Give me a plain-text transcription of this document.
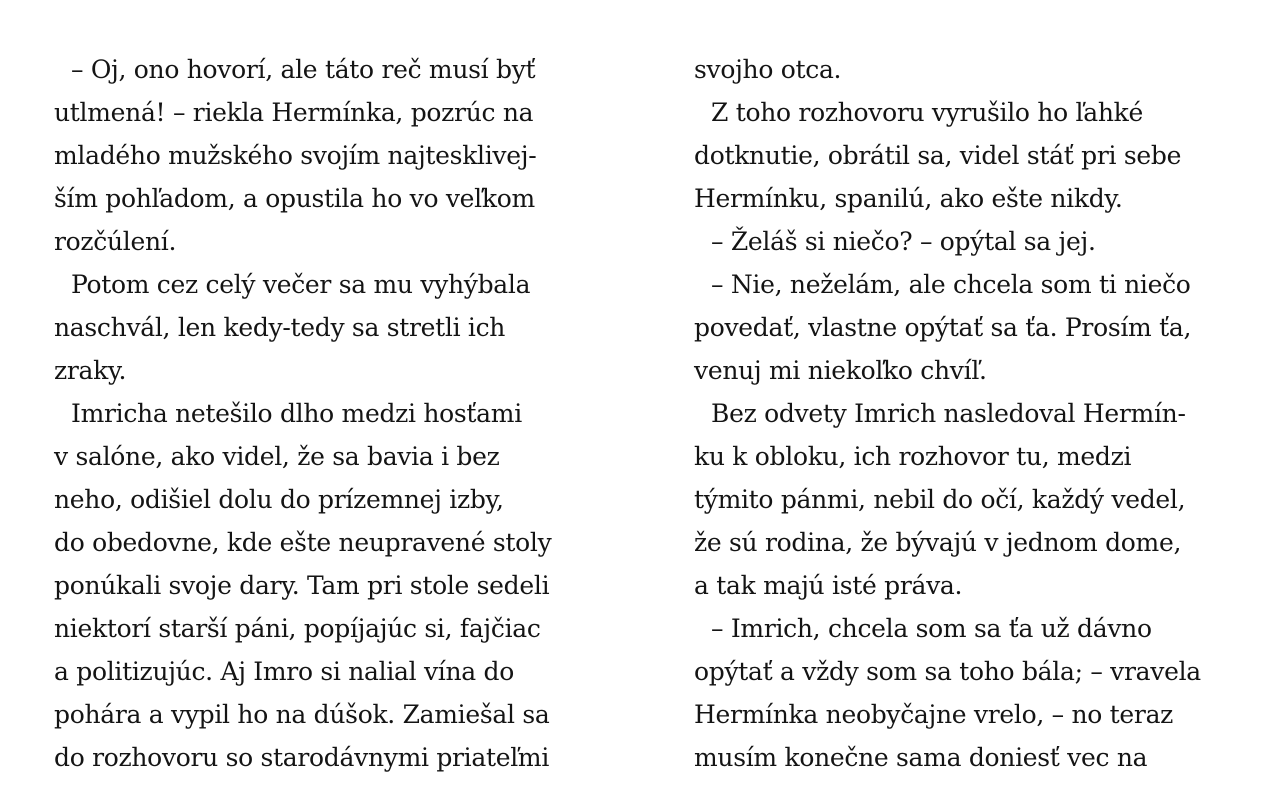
– Oj, ono hovorí, ale táto reč musí byť
utlmená! – riekla Hermínka, pozrúc na
mladého mužského svojím najtesklivej-
ším pohľadom, a opustila ho vo veľkom
rozčúlení.
Potom cez celý večer sa mu vyhýbala
naschvál, len kedy-tedy sa stretli ich
zraky.
Imricha netešilo dlho medzi hosťami
v salóne, ako videl, že sa bavia i bez
neho, odišiel dolu do prízemnej izby,
do obedovne, kde ešte neupravené stoly
ponúkali svoje dary. Tam pri stole sedeli
niektorí starší páni, popíjajúc si, fajčiac
a politizujúc. Aj Imro si nalial vína do
pohára a vypil ho na dúšok. Zamiešal sa
do rozhovoru so starodávnymi priateľmi
svojho otca.
Z toho rozhovoru vyrušilo ho ľahké
dotknutie, obrátil sa, videl stáť pri sebe
Hermínku, spanilú, ako ešte nikdy.
– Želáš si niečo? – opýtal sa jej.
– Nie, neželám, ale chcela som ti niečo
povedať, vlastne opýtať sa ťa. Prosím ťa,
venuj mi niekoľko chvíľ.
Bez odvety Imrich nasledoval Hermín-
ku k obloku, ich rozhovor tu, medzi
týmito pánmi, nebil do očí, každý vedel,
že sú rodina, že bývajú v jednom dome,
a tak majú isté práva.
– Imrich, chcela som sa ťa už dávno
opýtať a vždy som sa toho bála; – vravela
Hermínka neobyčajne vrelo, – no teraz
musím konečne sama doniesť vec na
